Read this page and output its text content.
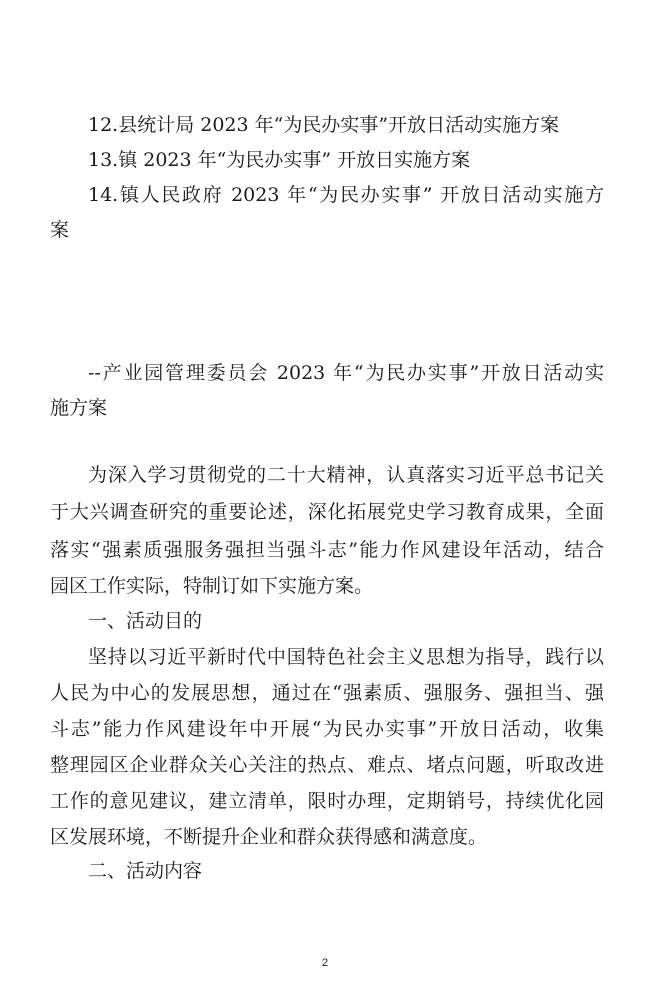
12.县统计局 2023 年“为民办实事”开放日活动实施方案
13.镇 2023 年“为民办实事” 开放日实施方案
14.镇人民政府 2023 年“为民办实事” 开放日活动实施方
案
--产业园管理委员会 2023 年“为民办实事”开放日活动实
施方案
为深入学习贯彻党的二十大精神，认真落实习近平总书记关
于大兴调查研究的重要论述，深化拓展党史学习教育成果，全面
落实“强素质强服务强担当强斗志”能力作风建设年活动，结合
园区工作实际，特制订如下实施方案。
一、活动目的
坚持以习近平新时代中国特色社会主义思想为指导，践行以
人民为中心的发展思想，通过在“强素质、强服务、强担当、强
斗志”能力作风建设年中开展“为民办实事”开放日活动，收集
整理园区企业群众关心关注的热点、难点、堵点问题，听取改进
工作的意见建议，建立清单，限时办理，定期销号，持续优化园
区发展环境，不断提升企业和群众获得感和满意度。
二、活动内容
2
